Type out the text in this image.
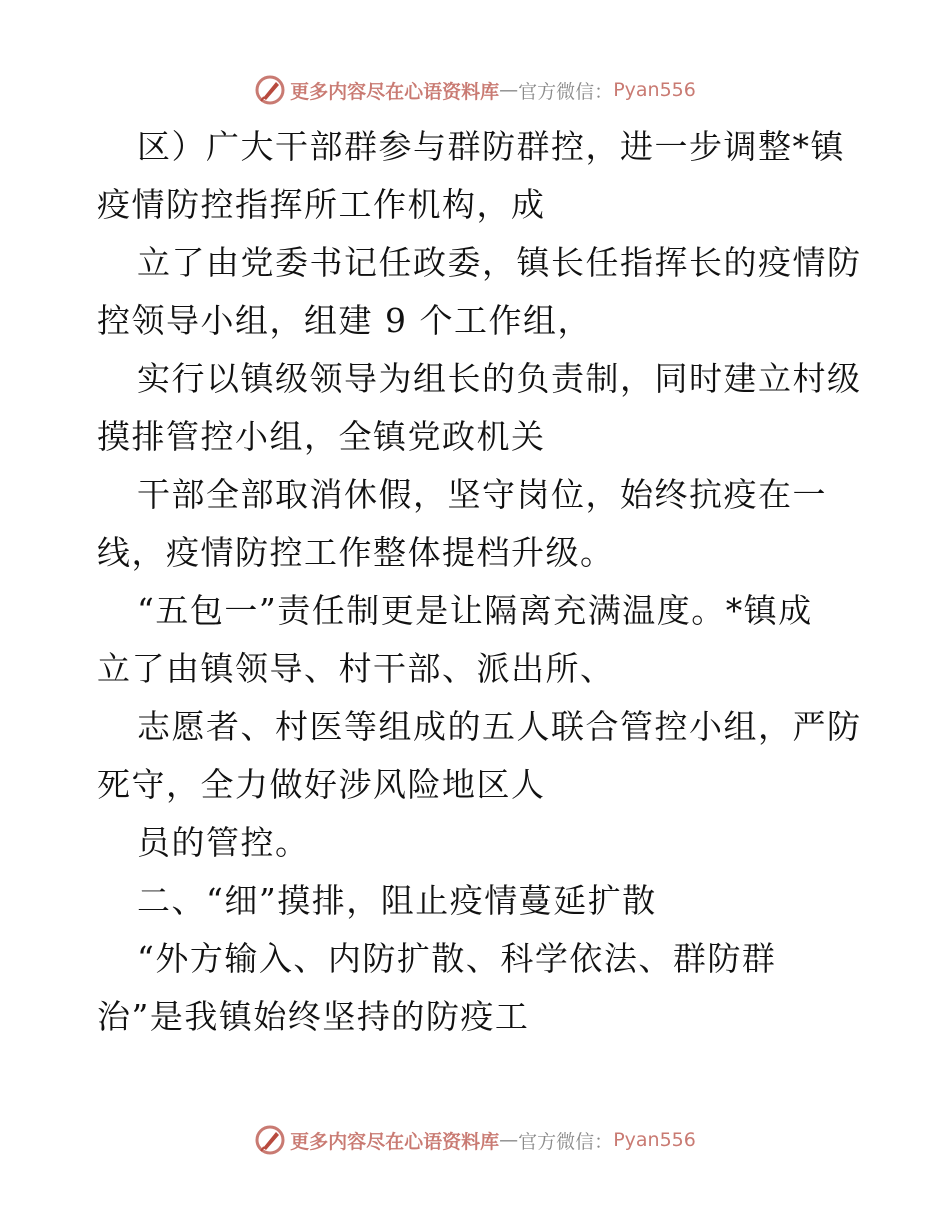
更多内容尽在心语资料库 — 官方微信： Pyan556

区）广大干部群参与群防群控，进一步调整*镇
疫情防控指挥所工作机构，成

立了由党委书记任政委，镇长任指挥长的疫情防
控领导小组，组建 9 个工作组，

实行以镇级领导为组长的负责制，同时建立村级
摸排管控小组，全镇党政机关

干部全部取消休假，坚守岗位，始终抗疫在一
线，疫情防控工作整体提档升级。

“五包一”责任制更是让隔离充满温度。*镇成
立了由镇领导、村干部、派出所、

志愿者、村医等组成的五人联合管控小组，严防
死守，全力做好涉风险地区人

员的管控。

二、“细”摸排，阻止疫情蔓延扩散

“外方输入、内防扩散、科学依法、群防群
治”是我镇始终坚持的防疫工

更多内容尽在心语资料库 — 官方微信： Pyan556
